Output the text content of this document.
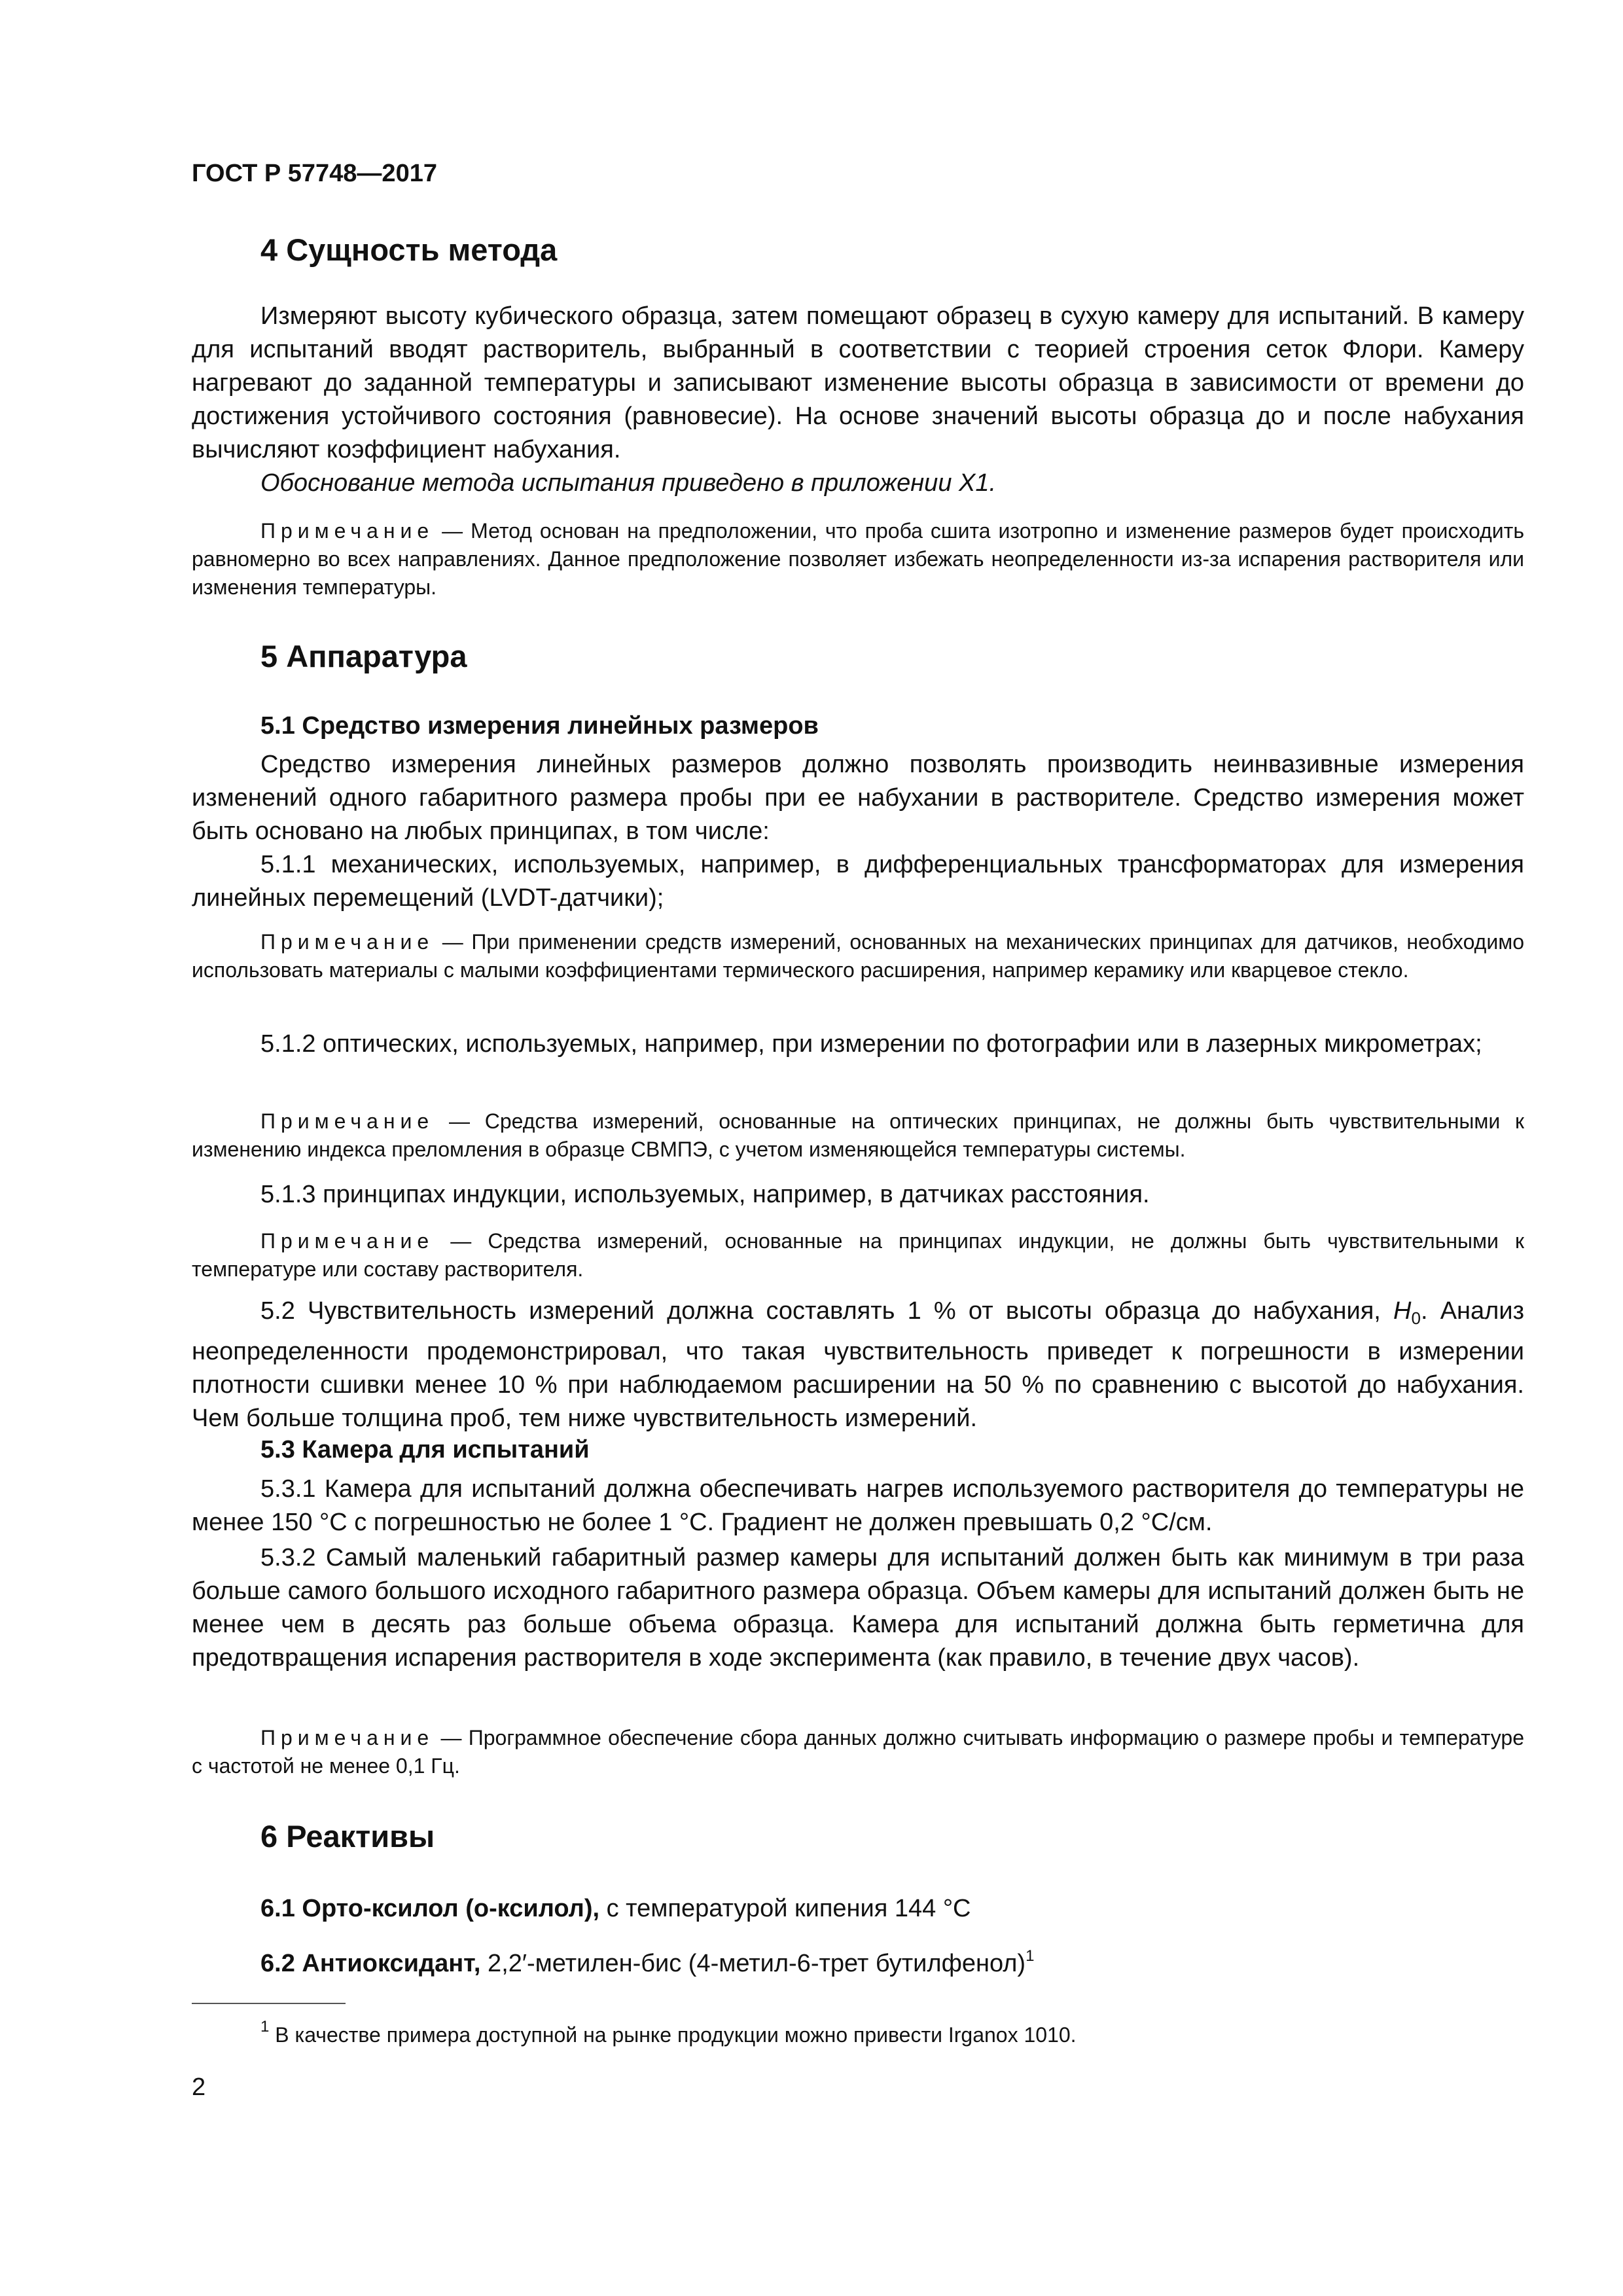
ГОСТ Р 57748—2017
4 Сущность метода

Измеряют высоту кубического образца, затем помещают образец в сухую камеру для испытаний. В камеру для испытаний вводят растворитель, выбранный в соответствии с теорией строения сеток Флори. Камеру нагревают до заданной температуры и записывают изменение высоты образца в зависимости от времени до достижения устойчивого состояния (равновесие). На основе значений высоты образца до и после набухания вычисляют коэффициент набухания.

Обоснование метода испытания приведено в приложении X1.

Примечание — Метод основан на предположении, что проба сшита изотропно и изменение размеров будет происходить равномерно во всех направлениях. Данное предположение позволяет избежать неопределенности из-за испарения растворителя или изменения температуры.

5 Аппаратура
5.1 Средство измерения линейных размеров

Средство измерения линейных размеров должно позволять производить неинвазивные измерения изменений одного габаритного размера пробы при ее набухании в растворителе. Средство измерения может быть основано на любых принципах, в том числе:

5.1.1 механических, используемых, например, в дифференциальных трансформаторах для измерения линейных перемещений (LVDT-датчики);

Примечание — При применении средств измерений, основанных на механических принципах для датчиков, необходимо использовать материалы с малыми коэффициентами термического расширения, например керамику или кварцевое стекло.

5.1.2 оптических, используемых, например, при измерении по фотографии или в лазерных микрометрах;

Примечание — Средства измерений, основанные на оптических принципах, не должны быть чувствительными к изменению индекса преломления в образце СВМПЭ, с учетом изменяющейся температуры системы.

5.1.3 принципах индукции, используемых, например, в датчиках расстояния.

Примечание — Средства измерений, основанные на принципах индукции, не должны быть чувствительными к температуре или составу растворителя.

5.2 Чувствительность измерений должна составлять 1 % от высоты образца до набухания, $H_0$. Анализ неопределенности продемонстрировал, что такая чувствительность приведет к погрешности в измерении плотности сшивки менее 10 % при наблюдаемом расширении на 50 % по сравнению с высотой до набухания. Чем больше толщина проб, тем ниже чувствительность измерений.

5.3 Камера для испытаний

5.3.1 Камера для испытаний должна обеспечивать нагрев используемого растворителя до температуры не менее 150 °С с погрешностью не более 1 °С. Градиент не должен превышать 0,2 °С/см.

5.3.2 Самый маленький габаритный размер камеры для испытаний должен быть как минимум в три раза больше самого большого исходного габаритного размера образца. Объем камеры для испытаний должен быть не менее чем в десять раз больше объема образца. Камера для испытаний должна быть герметична для предотвращения испарения растворителя в ходе эксперимента (как правило, в течение двух часов).

Примечание — Программное обеспечение сбора данных должно считывать информацию о размере пробы и температуре с частотой не менее 0,1 Гц.

6 Реактивы

6.1 Орто-ксилол (о-ксилол), с температурой кипения 144 °С

6.2 Антиоксидант, 2,2′-метилен-бис (4-метил-6-трет бутилфенол)$^1$

$^1$ В качестве примера доступной на рынке продукции можно привести Irganox 1010.

2
